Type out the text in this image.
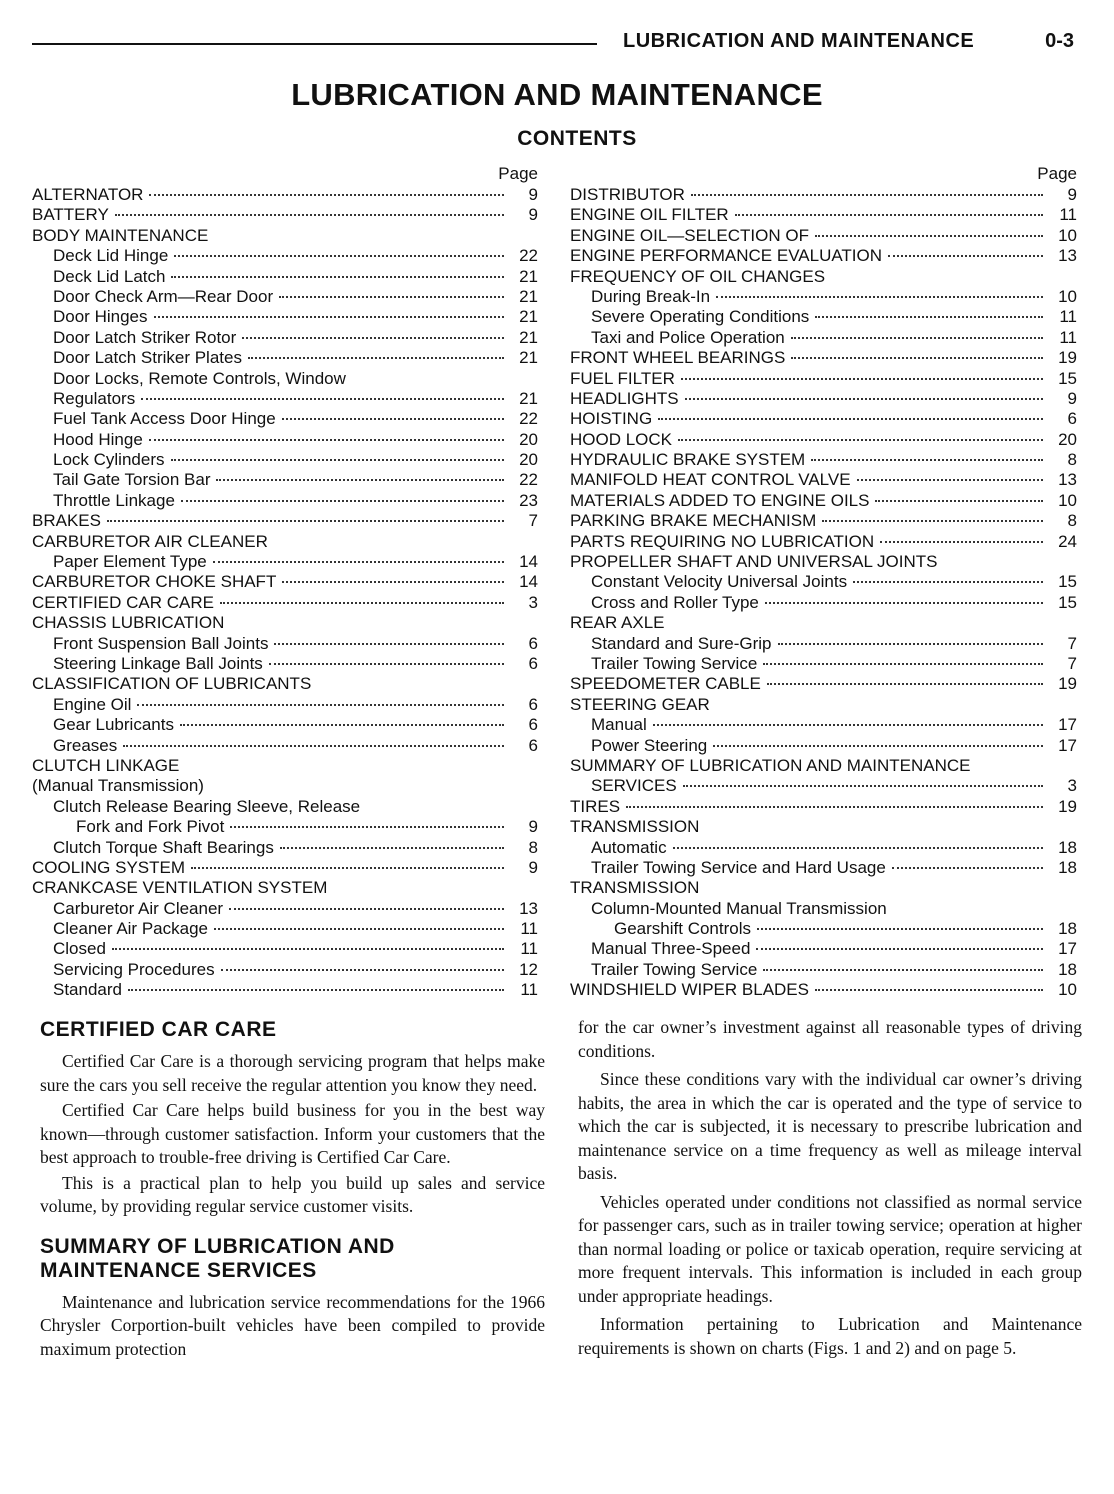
LUBRICATION AND MAINTENANCE	0-3
LUBRICATION AND MAINTENANCE
CONTENTS
Page
ALTERNATOR	9
BATTERY	9
BODY MAINTENANCE
Deck Lid Hinge	22
Deck Lid Latch	21
Door Check Arm—Rear Door	21
Door Hinges	21
Door Latch Striker Rotor	21
Door Latch Striker Plates	21
Door Locks, Remote Controls, Window
Regulators	21
Fuel Tank Access Door Hinge	22
Hood Hinge	20
Lock Cylinders	20
Tail Gate Torsion Bar	22
Throttle Linkage	23
BRAKES	7
CARBURETOR AIR CLEANER
Paper Element Type	14
CARBURETOR CHOKE SHAFT	14
CERTIFIED CAR CARE	3
CHASSIS LUBRICATION
Front Suspension Ball Joints	6
Steering Linkage Ball Joints	6
CLASSIFICATION OF LUBRICANTS
Engine Oil	6
Gear Lubricants	6
Greases	6
CLUTCH LINKAGE
(Manual Transmission)
Clutch Release Bearing Sleeve, Release
Fork and Fork Pivot	9
Clutch Torque Shaft Bearings	8
COOLING SYSTEM	9
CRANKCASE VENTILATION SYSTEM
Carburetor Air Cleaner	13
Cleaner Air Package	11
Closed	11
Servicing Procedures	12
Standard	11
Page
DISTRIBUTOR	9
ENGINE OIL FILTER	11
ENGINE OIL—SELECTION OF	10
ENGINE PERFORMANCE EVALUATION	13
FREQUENCY OF OIL CHANGES
During Break-In	10
Severe Operating Conditions	11
Taxi and Police Operation	11
FRONT WHEEL BEARINGS	19
FUEL FILTER	15
HEADLIGHTS	9
HOISTING	6
HOOD LOCK	20
HYDRAULIC BRAKE SYSTEM	8
MANIFOLD HEAT CONTROL VALVE	13
MATERIALS ADDED TO ENGINE OILS	10
PARKING BRAKE MECHANISM	8
PARTS REQUIRING NO LUBRICATION	24
PROPELLER SHAFT AND UNIVERSAL JOINTS
Constant Velocity Universal Joints	15
Cross and Roller Type	15
REAR AXLE
Standard and Sure-Grip	7
Trailer Towing Service	7
SPEEDOMETER CABLE	19
STEERING GEAR
Manual	17
Power Steering	17
SUMMARY OF LUBRICATION AND MAINTENANCE
SERVICES	3
TIRES	19
TRANSMISSION
Automatic	18
Trailer Towing Service and Hard Usage	18
TRANSMISSION
Column-Mounted Manual Transmission
Gearshift Controls	18
Manual Three-Speed	17
Trailer Towing Service	18
WINDSHIELD WIPER BLADES	10
CERTIFIED CAR CARE

Certified Car Care is a thorough servicing program that helps make sure the cars you sell receive the regular attention you know they need.

Certified Car Care helps build business for you in the best way known—through customer satisfaction. Inform your customers that the best approach to trouble-free driving is Certified Car Care.

This is a practical plan to help you build up sales and service volume, by providing regular service customer visits.

SUMMARY OF LUBRICATION AND MAINTENANCE SERVICES

Maintenance and lubrication service recommendations for the 1966 Chrysler Corportion-built vehicles have been compiled to provide maximum protection

for the car owner’s investment against all reasonable types of driving conditions.

Since these conditions vary with the individual car owner’s driving habits, the area in which the car is operated and the type of service to which the car is subjected, it is necessary to prescribe lubrication and maintenance service on a time frequency as well as mileage interval basis.

Vehicles operated under conditions not classified as normal service for passenger cars, such as in trailer towing service; operation at higher than normal loading or police or taxicab operation, require servicing at more frequent intervals. This information is included in each group under appropriate headings.

Information pertaining to Lubrication and Maintenance requirements is shown on charts (Figs. 1 and 2) and on page 5.
